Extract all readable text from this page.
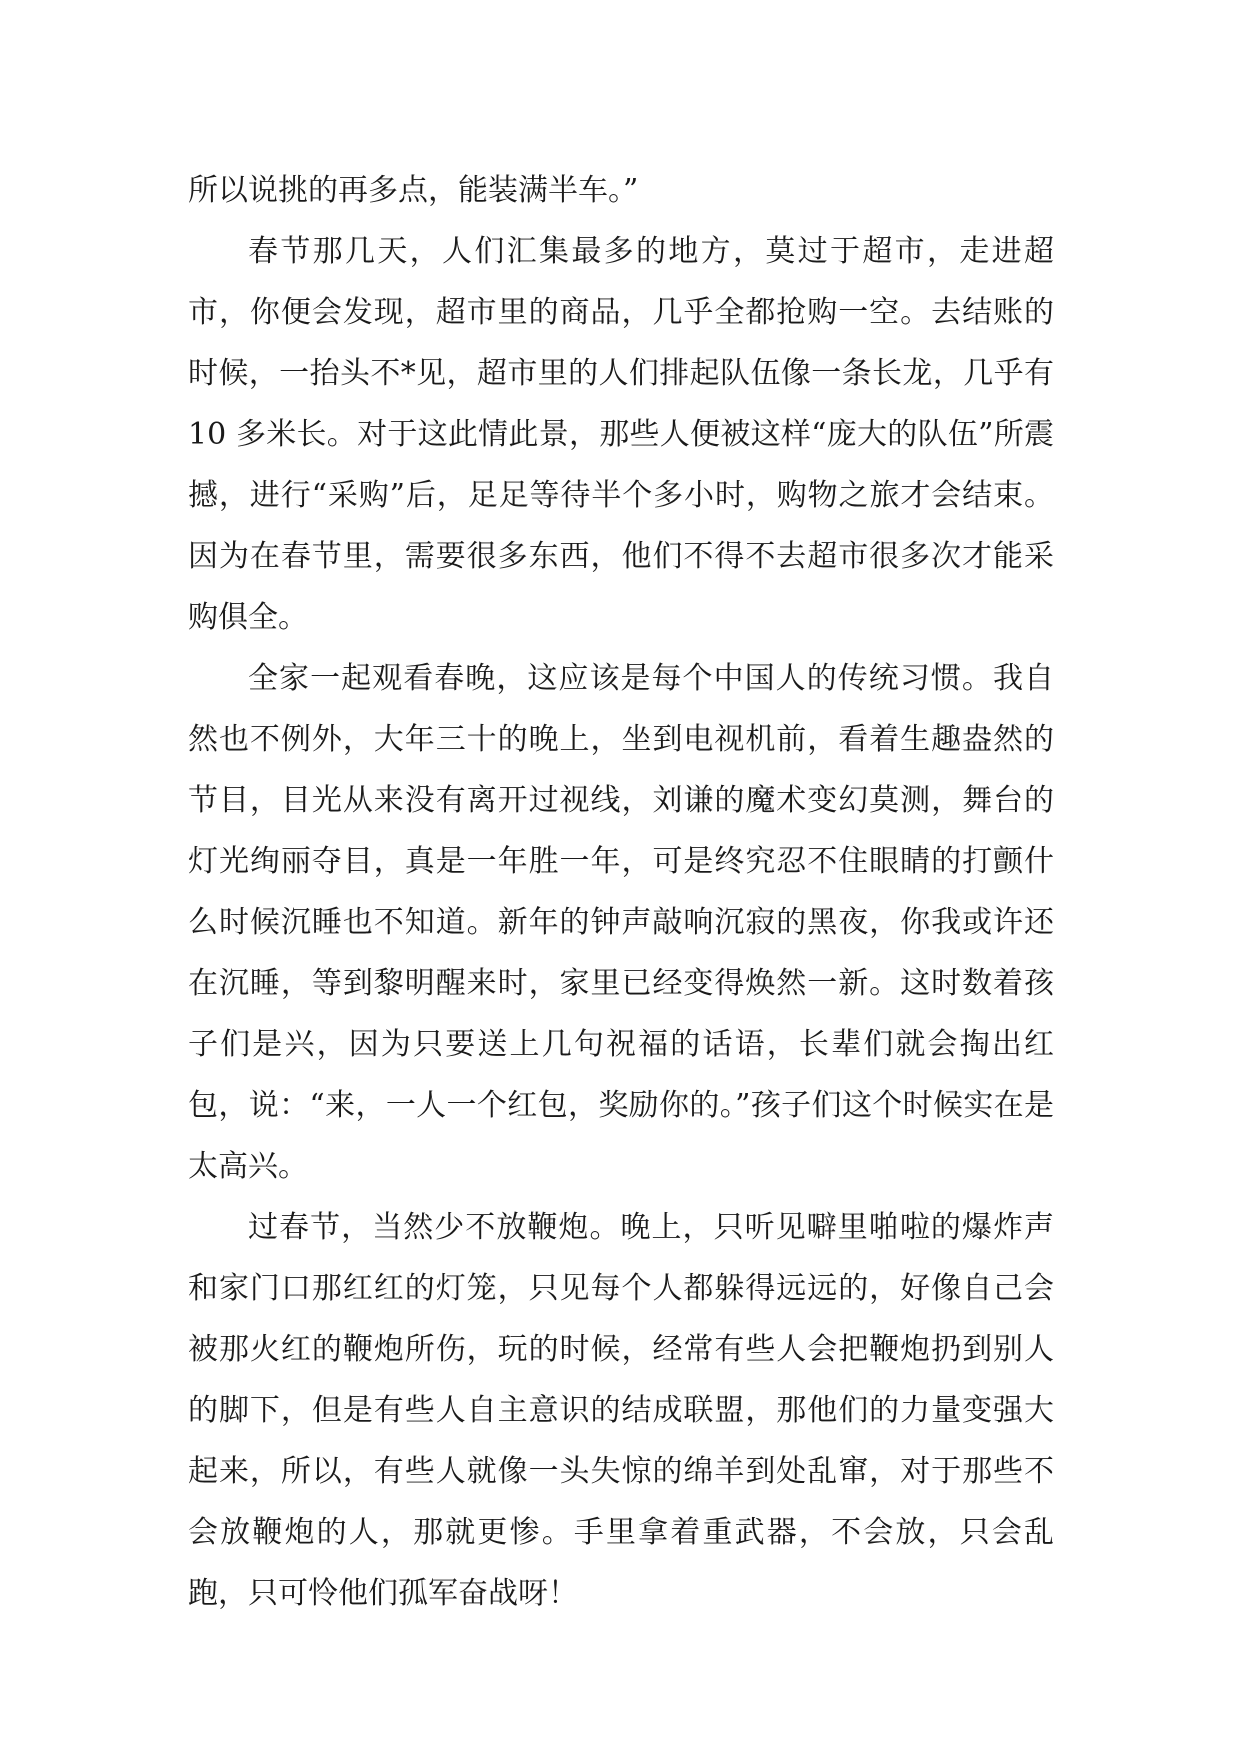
所以说挑的再多点，能装满半车。”

春节那几天，人们汇集最多的地方，莫过于超市，走进超市，你便会发现，超市里的商品，几乎全都抢购一空。去结账的时候，一抬头不*见，超市里的人们排起队伍像一条长龙，几乎有 10 多米长。对于这此情此景，那些人便被这样“庞大的队伍”所震撼，进行“采购”后，足足等待半个多小时，购物之旅才会结束。因为在春节里，需要很多东西，他们不得不去超市很多次才能采购俱全。

全家一起观看春晚，这应该是每个中国人的传统习惯。我自然也不例外，大年三十的晚上，坐到电视机前，看着生趣盎然的节目，目光从来没有离开过视线，刘谦的魔术变幻莫测，舞台的灯光绚丽夺目，真是一年胜一年，可是终究忍不住眼睛的打颤什么时候沉睡也不知道。新年的钟声敲响沉寂的黑夜，你我或许还在沉睡，等到黎明醒来时，家里已经变得焕然一新。这时数着孩子们是兴，因为只要送上几句祝福的话语，长辈们就会掏出红包，说：“来，一人一个红包，奖励你的。”孩子们这个时候实在是太高兴。

过春节，当然少不放鞭炮。晚上，只听见噼里啪啦的爆炸声和家门口那红红的灯笼，只见每个人都躲得远远的，好像自己会被那火红的鞭炮所伤，玩的时候，经常有些人会把鞭炮扔到别人的脚下，但是有些人自主意识的结成联盟，那他们的力量变强大起来，所以，有些人就像一头失惊的绵羊到处乱窜，对于那些不会放鞭炮的人，那就更惨。手里拿着重武器，不会放，只会乱跑，只可怜他们孤军奋战呀！
